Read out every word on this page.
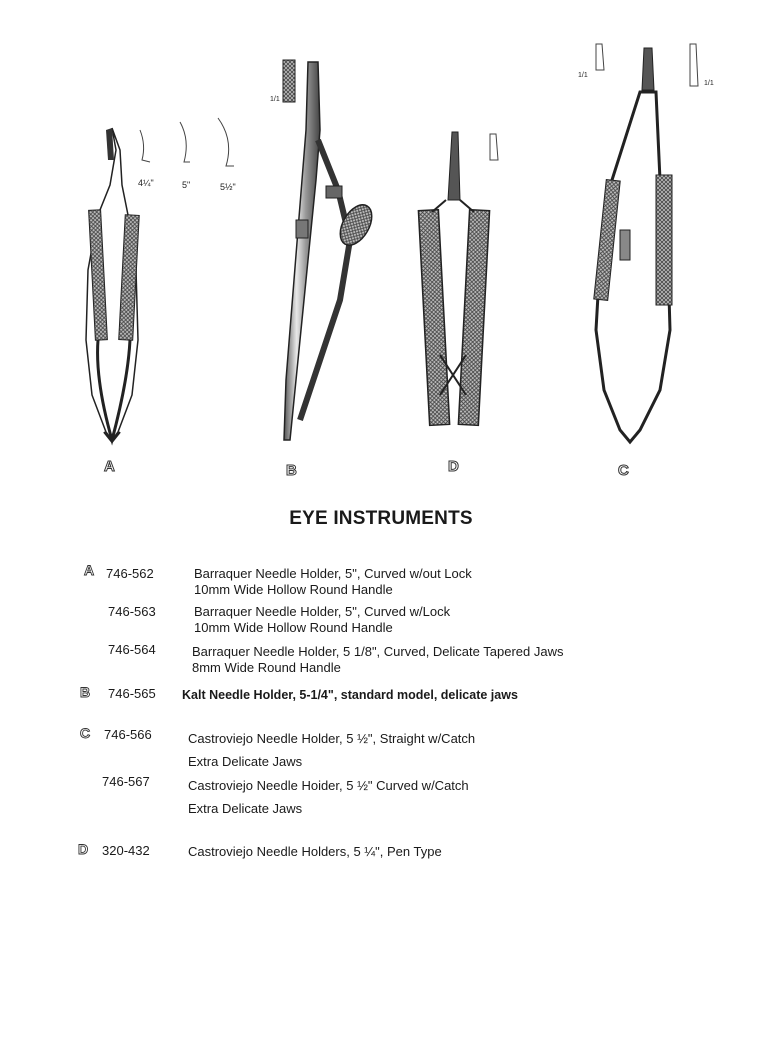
4¼"	5"	5½"
1/1
1/1
1/1
A	B	D	C
EYE INSTRUMENTS
A 746-562	Barraquer Needle Holder, 5", Curved w/out Lock
10mm Wide Hollow Round Handle
746-563	Barraquer Needle Holder, 5", Curved w/Lock
10mm Wide Hollow Round Handle
746-564	Barraquer Needle Holder, 5 1/8", Curved, Delicate Tapered Jaws
8mm Wide Round Handle
B 746-565 Kalt Needle Holder, 5-1/4", standard model, delicate jaws
C 746-566	Castroviejo Needle Holder, 5 ½", Straight w/Catch
Extra Delicate Jaws
746-567	Castroviejo Needle Hoider, 5 ½" Curved w/Catch
Extra Delicate Jaws
D 320-432	Castroviejo Needle Holders, 5 ¼", Pen Type
